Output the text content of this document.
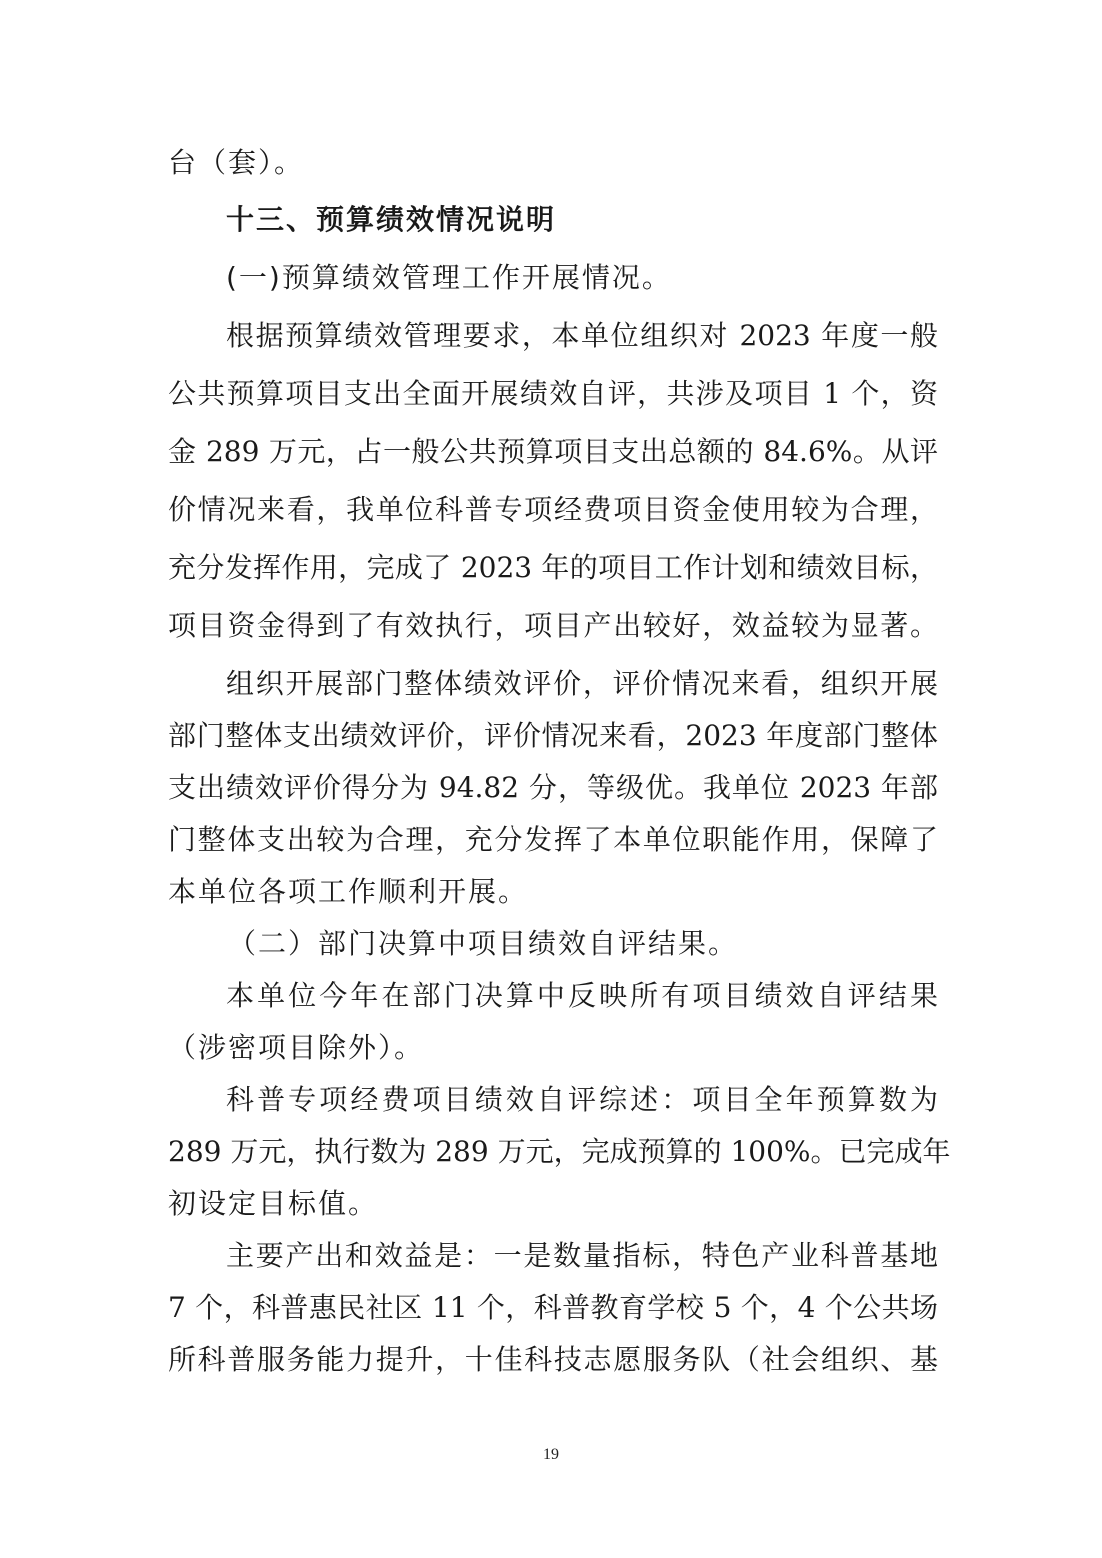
台（套）。
十三、预算绩效情况说明
(一)预算绩效管理工作开展情况。
根据预算绩效管理要求，本单位组织对 2023 年度一般
公共预算项目支出全面开展绩效自评，共涉及项目 1 个，资
金 289 万元，占一般公共预算项目支出总额的 84.6%。从评
价情况来看，我单位科普专项经费项目资金使用较为合理，
充分发挥作用，完成了 2023 年的项目工作计划和绩效目标，
项目资金得到了有效执行，项目产出较好，效益较为显著。
组织开展部门整体绩效评价，评价情况来看，组织开展
部门整体支出绩效评价，评价情况来看，2023 年度部门整体
支出绩效评价得分为 94.82 分，等级优。我单位 2023 年部
门整体支出较为合理，充分发挥了本单位职能作用，保障了
本单位各项工作顺利开展。
（二）部门决算中项目绩效自评结果。
本单位今年在部门决算中反映所有项目绩效自评结果
（涉密项目除外）。
科普专项经费项目绩效自评综述：项目全年预算数为
289 万元，执行数为 289 万元，完成预算的 100%。已完成年
初设定目标值。
主要产出和效益是：一是数量指标，特色产业科普基地
7 个，科普惠民社区 11 个，科普教育学校 5 个，4 个公共场
所科普服务能力提升，十佳科技志愿服务队（社会组织、基
19
